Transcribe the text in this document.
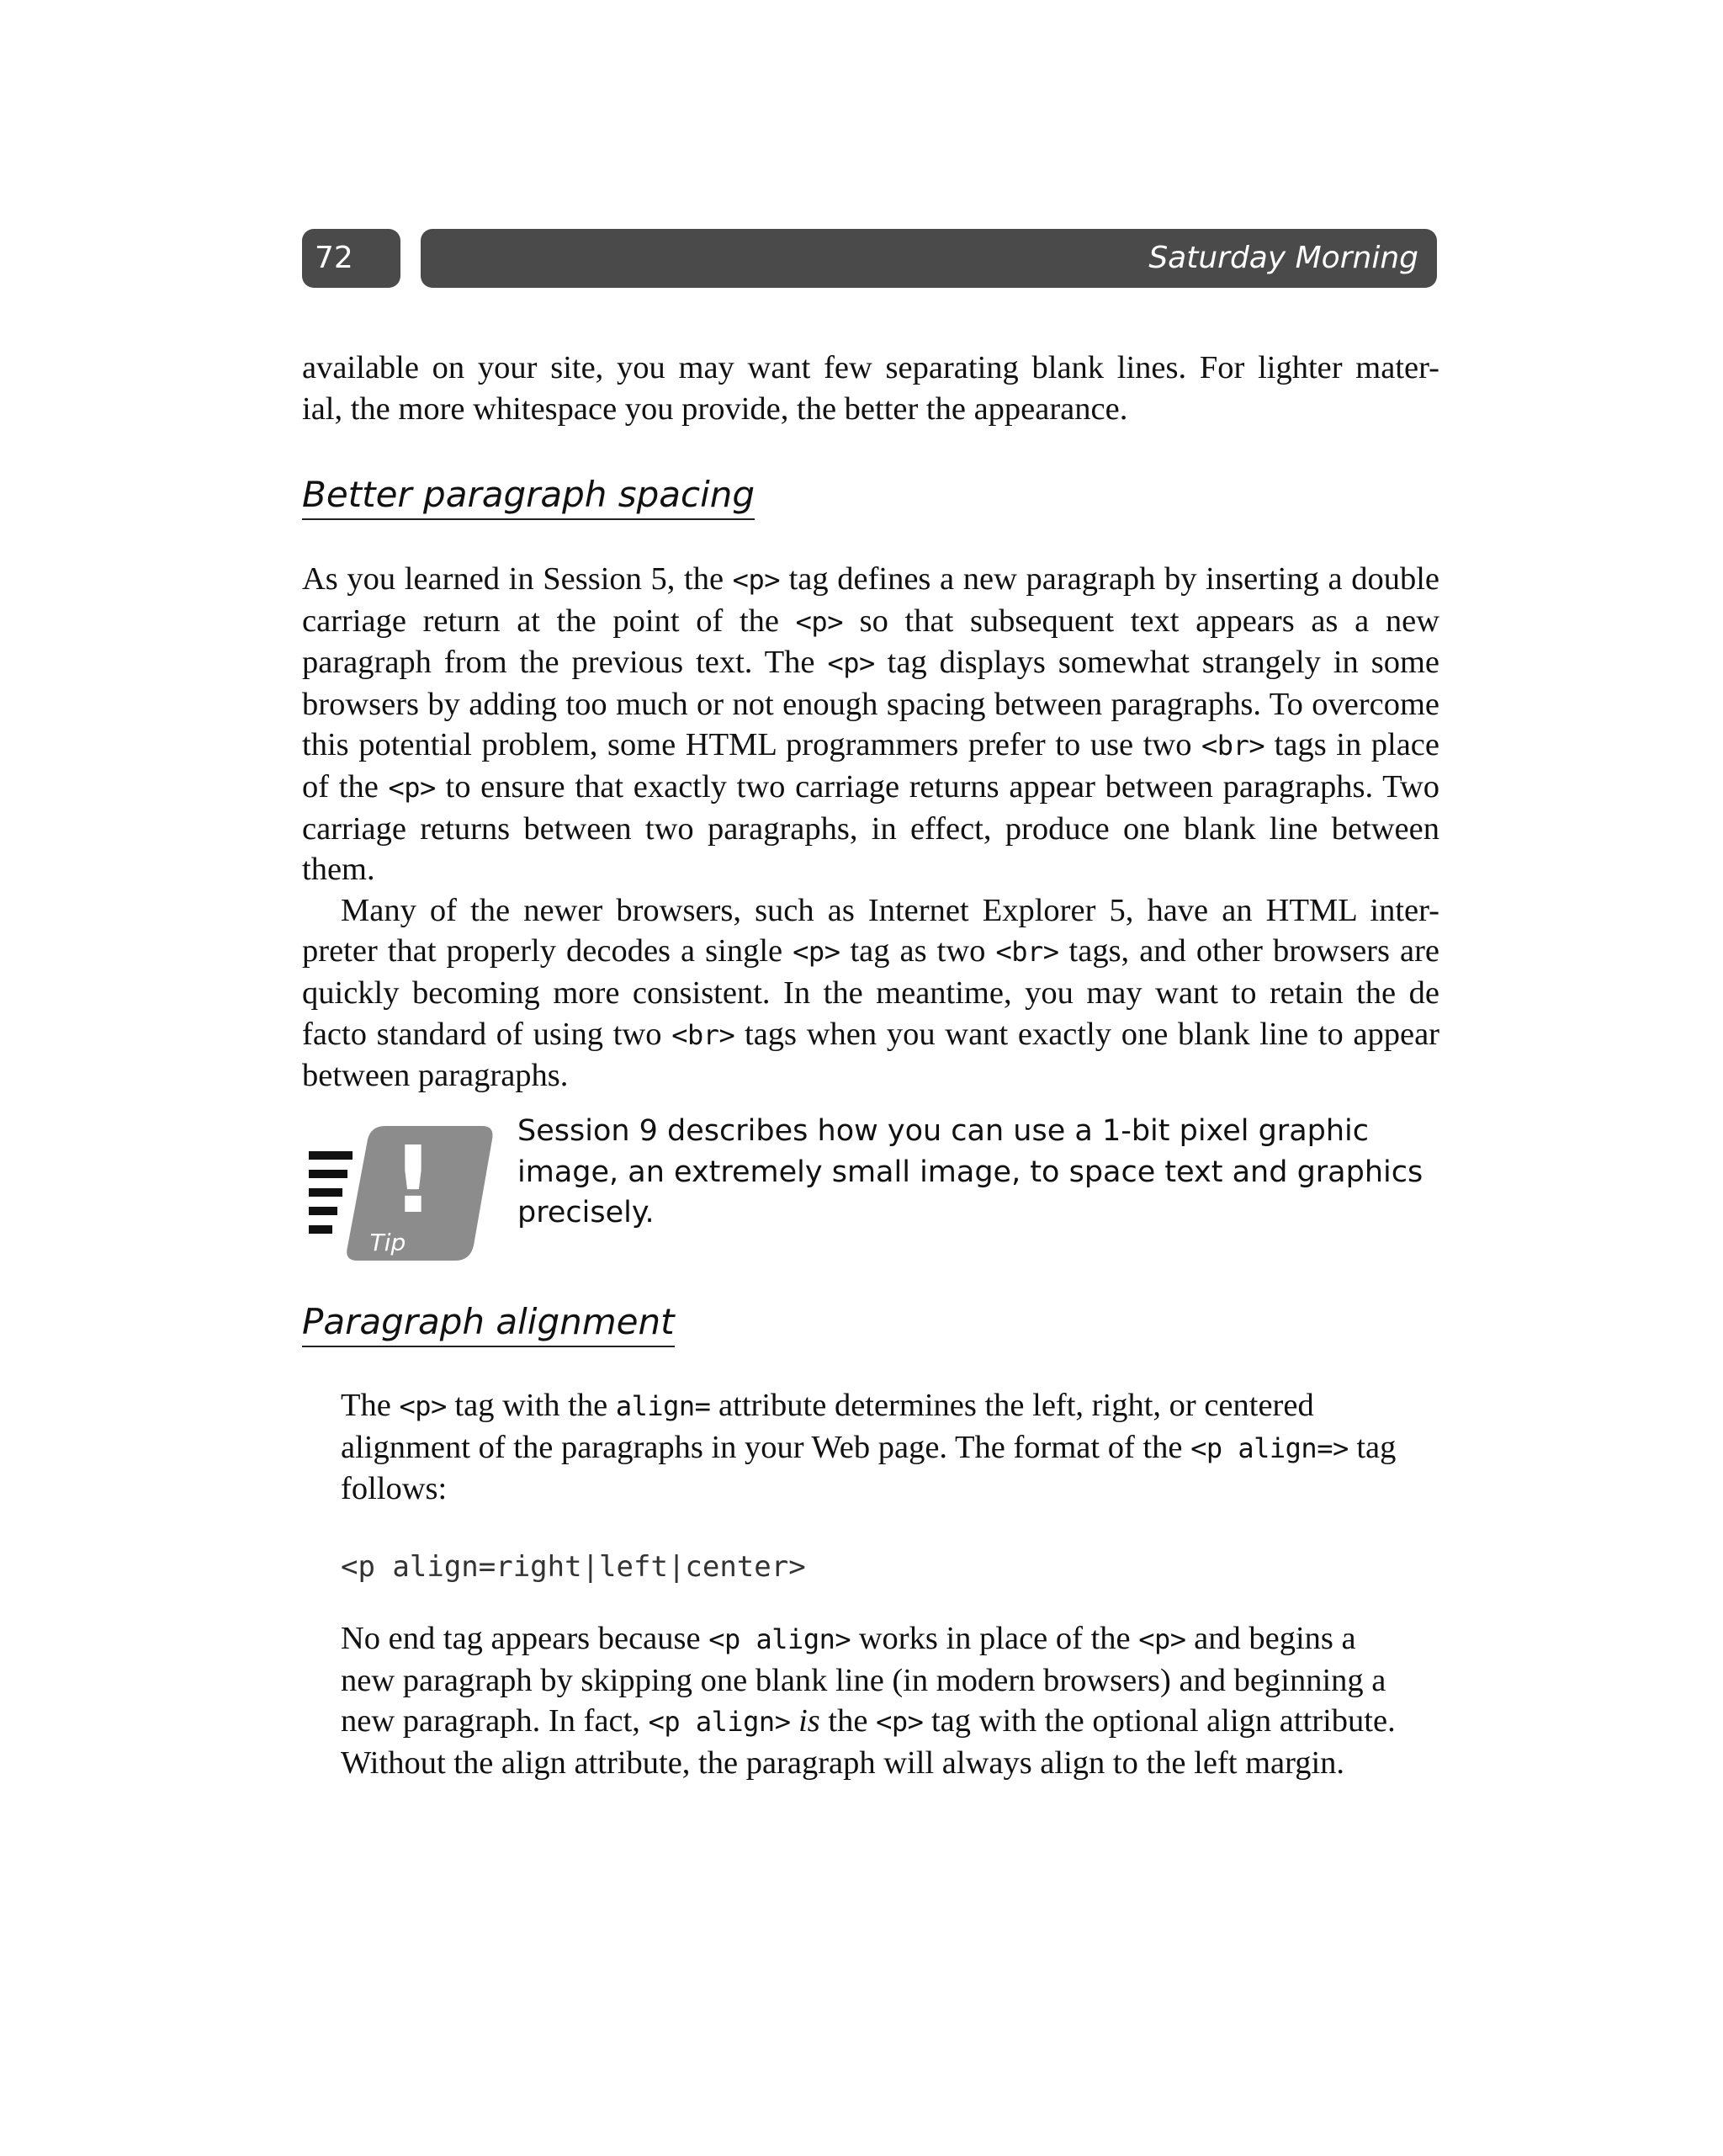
72	Saturday Morning

available on your site, you may want few separating blank lines. For lighter mater-

ial, the more whitespace you provide, the better the appearance.

Better paragraph spacing

As you learned in Session 5, the <p> tag defines a new paragraph by inserting a double carriage return at the point of the <p> so that subsequent text appears as a new paragraph from the previous text. The <p> tag displays somewhat strangely in some browsers by adding too much or not enough spacing between paragraphs. To overcome this potential problem, some HTML programmers prefer to use two <br> tags in place of the <p> to ensure that exactly two carriage returns appear between paragraphs. Two carriage returns between two paragraphs, in effect, produce one blank line between them.

Many of the newer browsers, such as Internet Explorer 5, have an HTML inter-preter that properly decodes a single <p> tag as two <br> tags, and other browsers are quickly becoming more consistent. In the meantime, you may want to retain the de facto standard of using two <br> tags when you want exactly one blank line to appear between paragraphs.

!
Tip
Session 9 describes how you can use a 1-bit pixel graphic image, an extremely small image, to space text and graphics precisely.
Paragraph alignment

The <p> tag with the align= attribute determines the left, right, or centered alignment of the paragraphs in your Web page. The format of the <p align=> tag follows:

<p align=right|left|center>

No end tag appears because <p align> works in place of the <p> and begins a new paragraph by skipping one blank line (in modern browsers) and beginning a new paragraph. In fact, <p align> is the <p> tag with the optional align attribute. Without the align attribute, the paragraph will always align to the left margin.
